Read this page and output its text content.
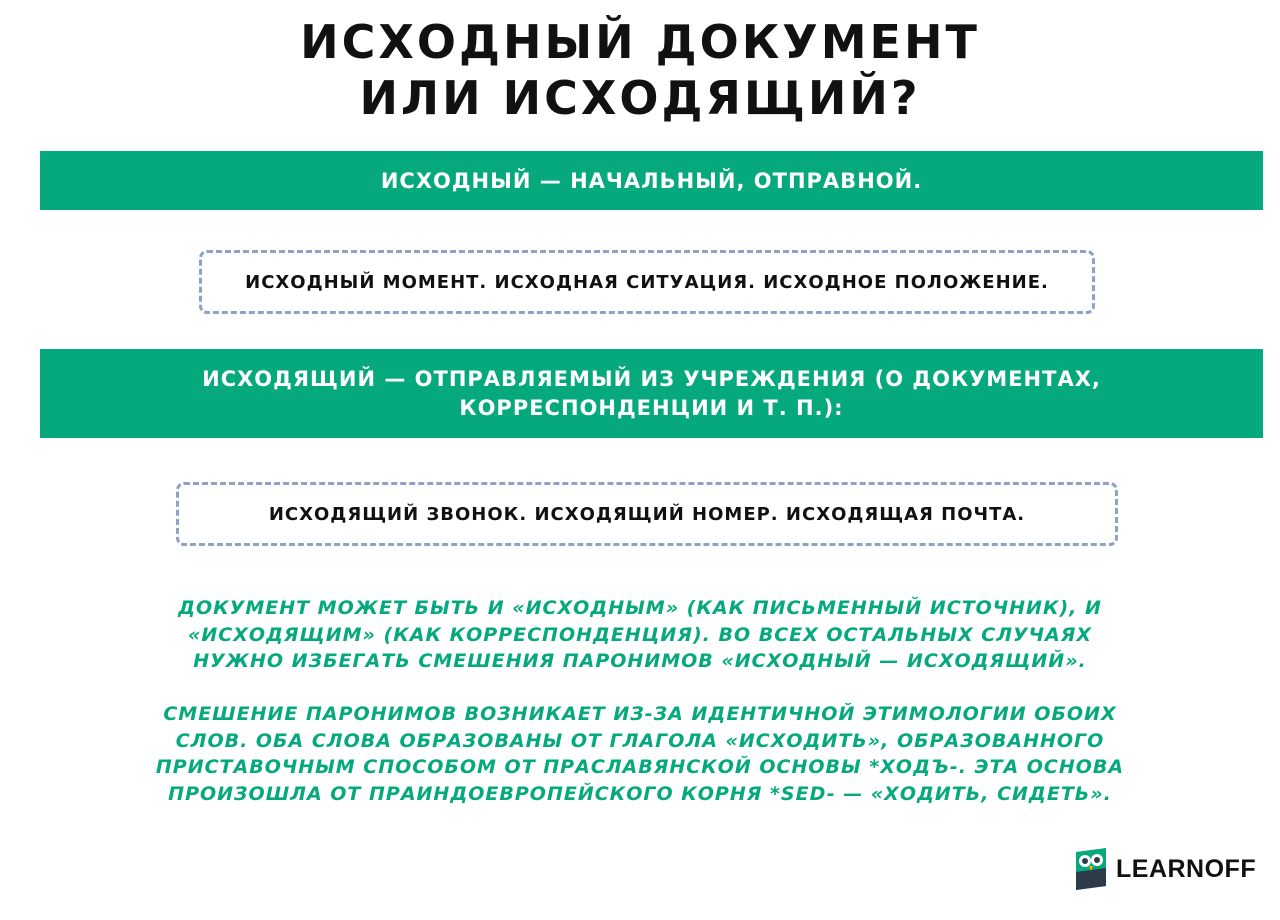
ИСХОДНЫЙ ДОКУМЕНТ
ИЛИ ИСХОДЯЩИЙ?
ИСХОДНЫЙ — НАЧАЛЬНЫЙ, ОТПРАВНОЙ.
ИСХОДНЫЙ МОМЕНТ. ИСХОДНАЯ СИТУАЦИЯ. ИСХОДНОЕ ПОЛОЖЕНИЕ.
ИСХОДЯЩИЙ — ОТПРАВЛЯЕМЫЙ ИЗ УЧРЕЖДЕНИЯ (О ДОКУМЕНТАХ,
КОРРЕСПОНДЕНЦИИ И Т. П.):
ИСХОДЯЩИЙ ЗВОНОК. ИСХОДЯЩИЙ НОМЕР. ИСХОДЯЩАЯ ПОЧТА.
ДОКУМЕНТ МОЖЕТ БЫТЬ И «ИСХОДНЫМ» (КАК ПИСЬМЕННЫЙ ИСТОЧНИК), И
«ИСХОДЯЩИМ» (КАК КОРРЕСПОНДЕНЦИЯ). ВО ВСЕХ ОСТАЛЬНЫХ СЛУЧАЯХ
НУЖНО ИЗБЕГАТЬ СМЕШЕНИЯ ПАРОНИМОВ «ИСХОДНЫЙ — ИСХОДЯЩИЙ».
СМЕШЕНИЕ ПАРОНИМОВ ВОЗНИКАЕТ ИЗ-ЗА ИДЕНТИЧНОЙ ЭТИМОЛОГИИ ОБОИХ
СЛОВ. ОБА СЛОВА ОБРАЗОВАНЫ ОТ ГЛАГОЛА «ИСХОДИТЬ», ОБРАЗОВАННОГО
ПРИСТАВОЧНЫМ СПОСОБОМ ОТ ПРАСЛАВЯНСКОЙ ОСНОВЫ *ХОДЪ-. ЭТА ОСНОВА
ПРОИЗОШЛА ОТ ПРАИНДОЕВРОПЕЙСКОГО КОРНЯ *SED- — «ХОДИТЬ, СИДЕТЬ».
LEARNOFF
